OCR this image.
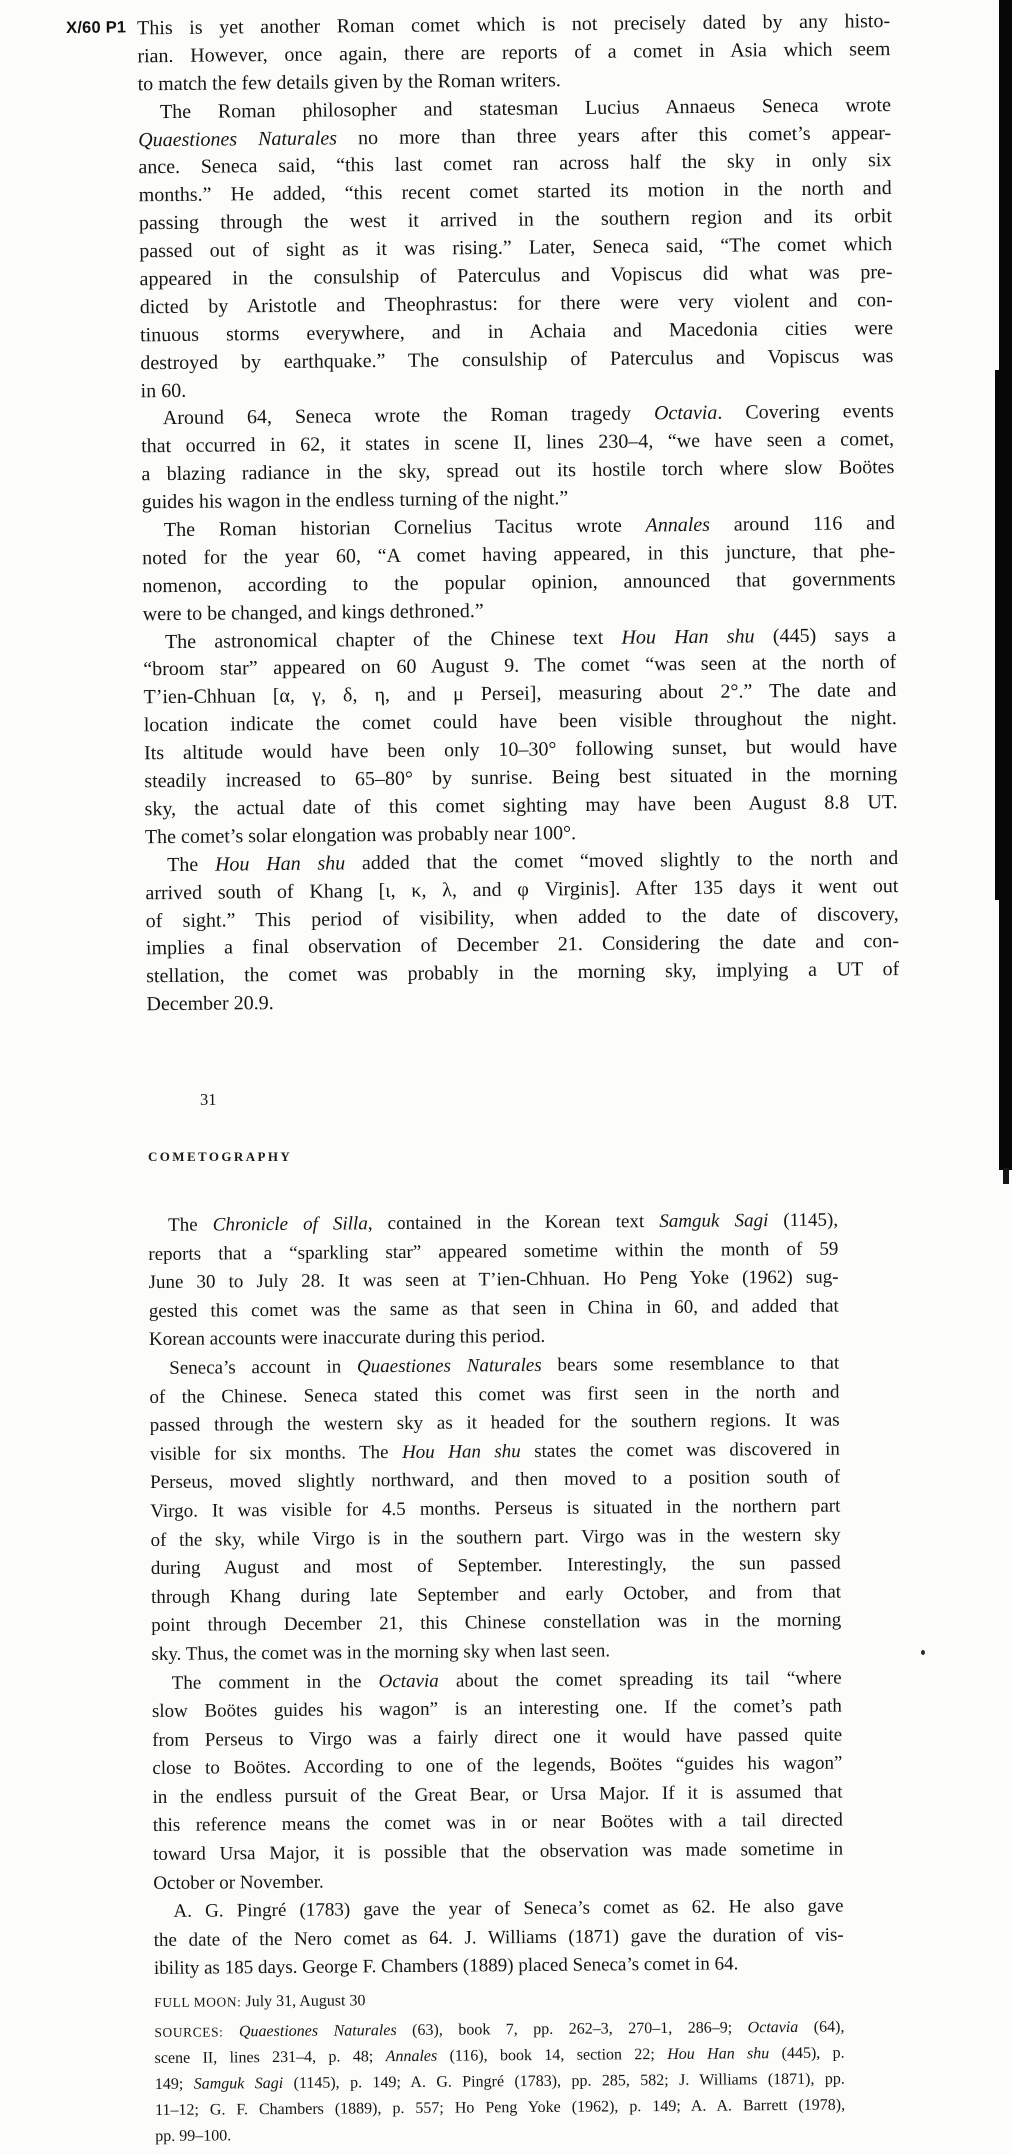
X/60 P1 This is yet another Roman comet which is not precisely dated by any histo-
rian. However, once again, there are reports of a comet in Asia which seem
to match the few details given by the Roman writers.
The Roman philosopher and statesman Lucius Annaeus Seneca wrote
Quaestiones Naturales no more than three years after this comet’s appear-
ance. Seneca said, “this last comet ran across half the sky in only six
months.” He added, “this recent comet started its motion in the north and
passing through the west it arrived in the southern region and its orbit
passed out of sight as it was rising.” Later, Seneca said, “The comet which
appeared in the consulship of Paterculus and Vopiscus did what was pre-
dicted by Aristotle and Theophrastus: for there were very violent and con-
tinuous storms everywhere, and in Achaia and Macedonia cities were
destroyed by earthquake.” The consulship of Paterculus and Vopiscus was
in 60.
Around 64, Seneca wrote the Roman tragedy Octavia. Covering events
that occurred in 62, it states in scene II, lines 230–4, “we have seen a comet,
a blazing radiance in the sky, spread out its hostile torch where slow Boötes
guides his wagon in the endless turning of the night.”
The Roman historian Cornelius Tacitus wrote Annales around 116 and
noted for the year 60, “A comet having appeared, in this juncture, that phe-
nomenon, according to the popular opinion, announced that governments
were to be changed, and kings dethroned.”
The astronomical chapter of the Chinese text Hou Han shu (445) says a
“broom star” appeared on 60 August 9. The comet “was seen at the north of
T’ien-Chhuan [α, γ, δ, η, and μ Persei], measuring about 2°.” The date and
location indicate the comet could have been visible throughout the night.
Its altitude would have been only 10–30° following sunset, but would have
steadily increased to 65–80° by sunrise. Being best situated in the morning
sky, the actual date of this comet sighting may have been August 8.8 UT.
The comet’s solar elongation was probably near 100°.
The Hou Han shu added that the comet “moved slightly to the north and
arrived south of Khang [ι, κ, λ, and φ Virginis]. After 135 days it went out
of sight.” This period of visibility, when added to the date of discovery,
implies a final observation of December 21. Considering the date and con-
stellation, the comet was probably in the morning sky, implying a UT of
December 20.9.
31
COMETOGRAPHY
The Chronicle of Silla, contained in the Korean text Samguk Sagi (1145),
reports that a “sparkling star” appeared sometime within the month of 59
June 30 to July 28. It was seen at T’ien-Chhuan. Ho Peng Yoke (1962) sug-
gested this comet was the same as that seen in China in 60, and added that
Korean accounts were inaccurate during this period.
Seneca’s account in Quaestiones Naturales bears some resemblance to that
of the Chinese. Seneca stated this comet was first seen in the north and
passed through the western sky as it headed for the southern regions. It was
visible for six months. The Hou Han shu states the comet was discovered in
Perseus, moved slightly northward, and then moved to a position south of
Virgo. It was visible for 4.5 months. Perseus is situated in the northern part
of the sky, while Virgo is in the southern part. Virgo was in the western sky
during August and most of September. Interestingly, the sun passed
through Khang during late September and early October, and from that
point through December 21, this Chinese constellation was in the morning
sky. Thus, the comet was in the morning sky when last seen.
The comment in the Octavia about the comet spreading its tail “where
slow Boötes guides his wagon” is an interesting one. If the comet’s path
from Perseus to Virgo was a fairly direct one it would have passed quite
close to Boötes. According to one of the legends, Boötes “guides his wagon”
in the endless pursuit of the Great Bear, or Ursa Major. If it is assumed that
this reference means the comet was in or near Boötes with a tail directed
toward Ursa Major, it is possible that the observation was made sometime in
October or November.
A. G. Pingré (1783) gave the year of Seneca’s comet as 62. He also gave
the date of the Nero comet as 64. J. Williams (1871) gave the duration of vis-
ibility as 185 days. George F. Chambers (1889) placed Seneca’s comet in 64.
FULL MOON: July 31, August 30
SOURCES: Quaestiones Naturales (63), book 7, pp. 262–3, 270–1, 286–9; Octavia (64),
scene II, lines 231–4, p. 48; Annales (116), book 14, section 22; Hou Han shu (445), p.
149; Samguk Sagi (1145), p. 149; A. G. Pingré (1783), pp. 285, 582; J. Williams (1871), pp.
11–12; G. F. Chambers (1889), p. 557; Ho Peng Yoke (1962), p. 149; A. A. Barrett (1978),
pp. 99–100.
